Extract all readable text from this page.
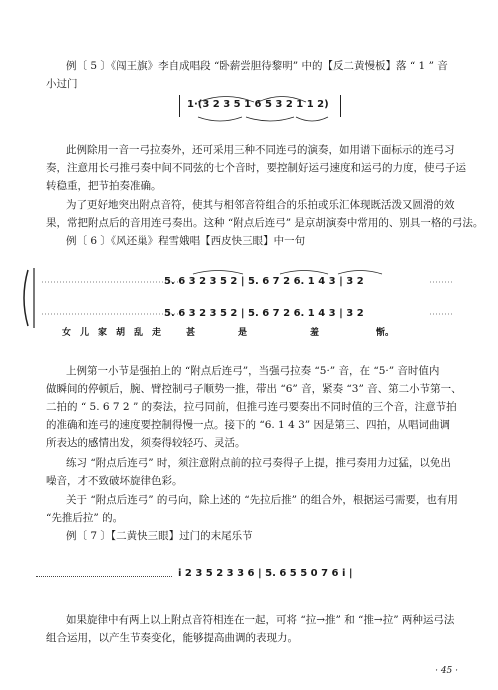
例〔 5 〕《闯王旗》李自成唱段 “卧薪尝胆待黎明” 中的【反二黄慢板】落 “ 1 ” 音

小过门

1·(3 2 3 5 1 6 5 3 2 1 1 2)

此例除用一音一弓拉奏外，还可采用三种不同连弓的演奏，如用谱下面标示的连弓习

奏，注意用长弓推弓奏中间不同弦的七个音时，要控制好运弓速度和运弓的力度，使弓子运

转稳重，把节拍奏准确。

为了更好地突出附点音符，使其与相邻音符组合的乐拍或乐汇体现既活泼又圆滑的效

果，常把附点后的音用连弓奏出。这种 “附点后连弓” 是京胡演奏中常用的、别具一格的弓法。

例〔 6 〕《风还巢》程雪娥唱【西皮快三眼】中一句

5. 6 3 2 3 5 2 | 5. 6 7 2 6. 1 4 3 | 3 2
5. 6 3 2 3 5 2 | 5. 6 7 2 6. 1 4 3 | 3 2
女 儿 家 胡 乱 走	甚	是	羞	惭。

上例第一小节是强拍上的 “附点后连弓”，当强弓拉奏 “5·” 音，在 “5·” 音时值内

做瞬间的停顿后，腕、臂控制弓子顺势一推，带出 “6” 音，紧奏 “3” 音、第二小节第一、

二拍的 “ 5. 6 7 2 ” 的奏法，拉弓同前，但推弓连弓要奏出不同时值的三个音，注意节拍

的准确和连弓的速度要控制得慢一点。接下的 “6. 1 4 3” 因是第三、四拍，从唱词曲调

所表达的感情出发，须奏得较轻巧、灵活。

练习 “附点后连弓” 时，须注意附点前的拉弓奏得子上提，推弓奏用力过猛，以免出

噪音，才不致破坏旋律色彩。

关于 “附点后连弓” 的弓向，除上述的 “先拉后推” 的组合外，根据运弓需要，也有用

“先推后拉” 的。

例〔 7 〕【二黄快三眼】过门的末尾乐节

i 2 3 5 2 3 3 6 | 5. 6 5 5 0 7 6 i |

如果旋律中有两上以上附点音符相连在一起，可将 “拉→推” 和 “推→拉” 两种运弓法

组合运用，以产生节奏变化，能够提高曲调的表现力。

· 45 ·
